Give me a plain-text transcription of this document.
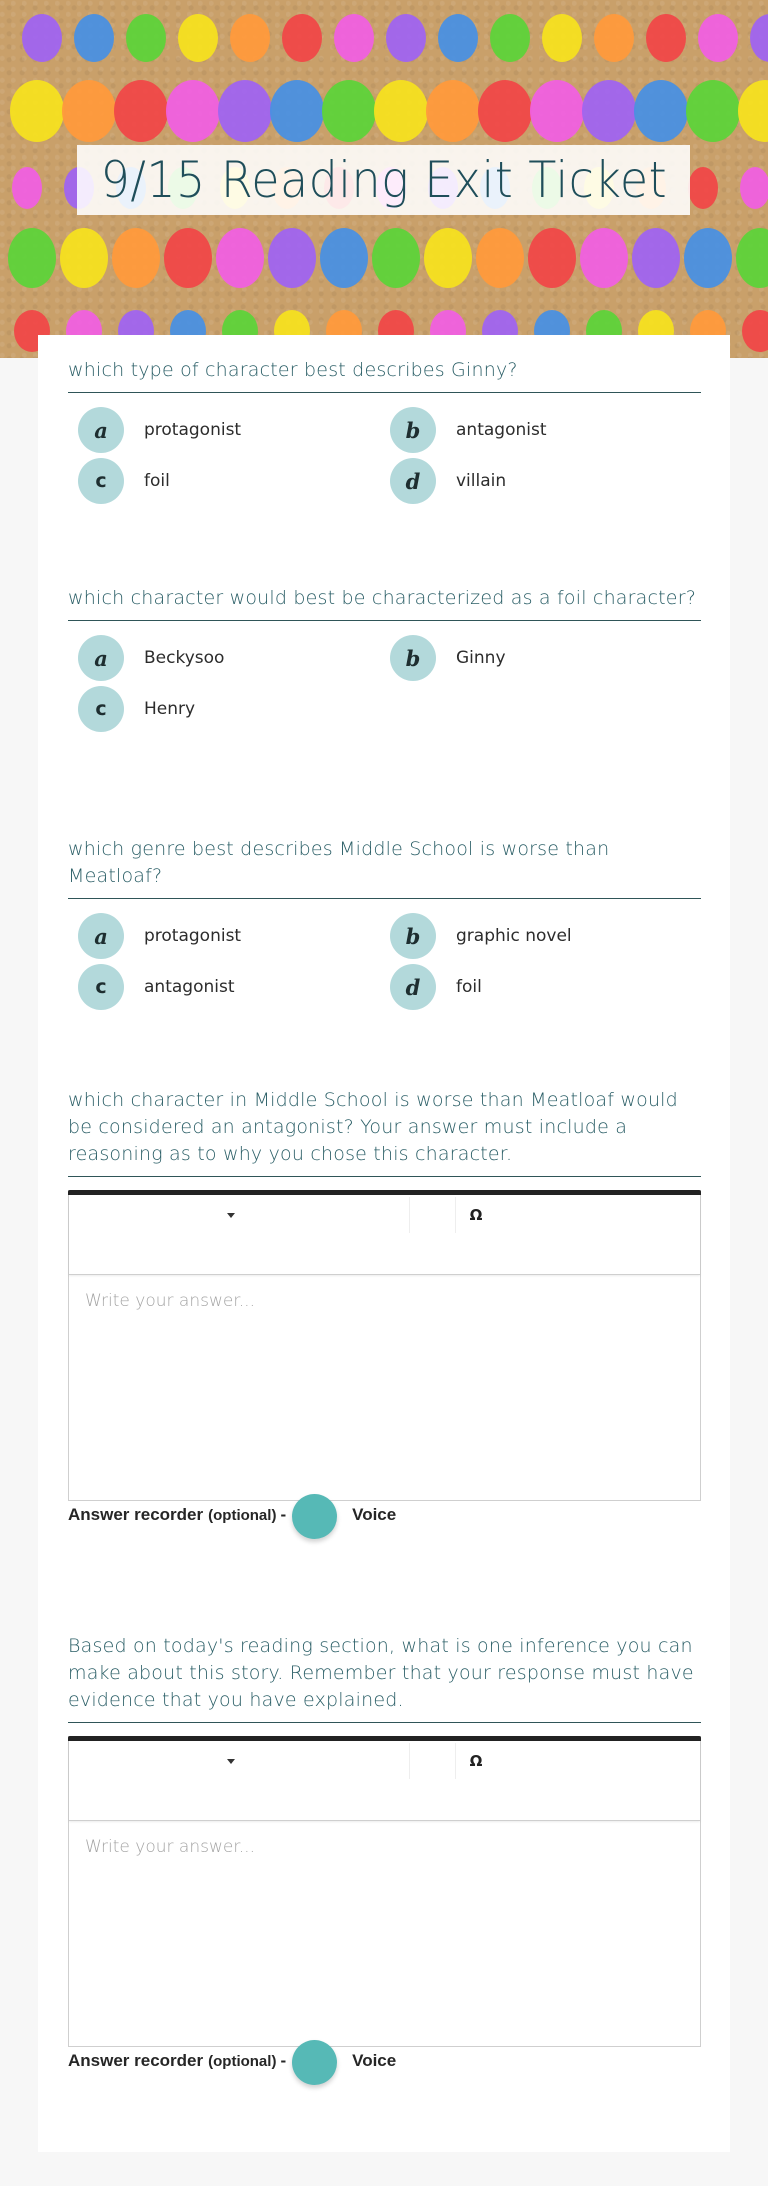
9/15 Reading Exit Ticket
which type of character best describes Ginny?
a	protagonist	b	antagonist
c	foil	d	villain
which character would best be characterized as a foil character?
a	Beckysoo	b	Ginny
c	Henry
which genre best describes Middle School is worse than Meatloaf?
a	protagonist	b	graphic novel
c	antagonist	d	foil
which character in Middle School is worse than Meatloaf would be considered an antagonist? Your answer must include a reasoning as to why you chose this character.
Ω
Write your answer...
Answer recorder (optional) -	Voice
Based on today's reading section, what is one inference you can make about this story. Remember that your response must have evidence that you have explained.
Ω
Write your answer...
Answer recorder (optional) -	Voice
